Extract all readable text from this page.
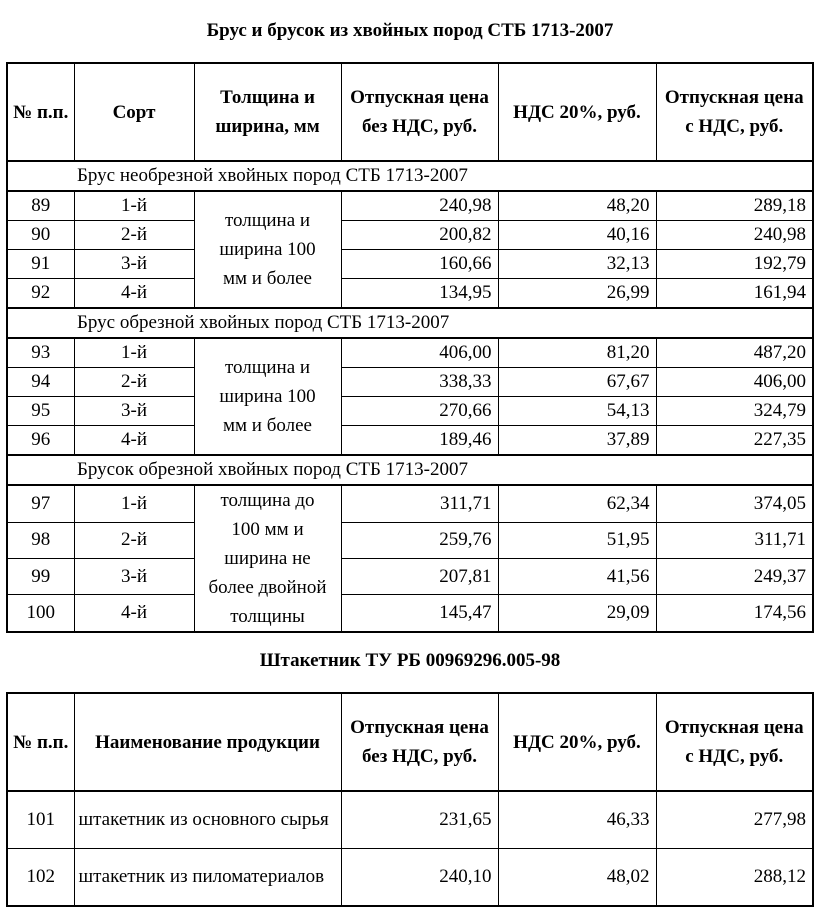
Брус и брусок из хвойных пород СТБ 1713-2007
№ п.п.	Сорт	Толщина и ширина, мм	Отпускная цена без НДС, руб.	НДС 20%, руб.	Отпускная цена с НДС, руб.
Брус необрезной хвойных пород СТБ 1713-2007					
89	1-й	толщина и ширина 100 мм и более	240,98	48,20	289,18
90	2-й		200,82	40,16	240,98
91	3-й		160,66	32,13	192,79
92	4-й		134,95	26,99	161,94
Брус обрезной хвойных пород СТБ 1713-2007					
93	1-й	толщина и ширина 100 мм и более	406,00	81,20	487,20
94	2-й		338,33	67,67	406,00
95	3-й		270,66	54,13	324,79
96	4-й		189,46	37,89	227,35
Брусок обрезной хвойных пород СТБ 1713-2007					
97	1-й	толщина до 100 мм и ширина не более двойной толщины	311,71	62,34	374,05
98	2-й		259,76	51,95	311,71
99	3-й		207,81	41,56	249,37
100	4-й		145,47	29,09	174,56
Штакетник ТУ РБ 00969296.005-98
№ п.п.	Наименование продукции	Отпускная цена без НДС, руб.	НДС 20%, руб.	Отпускная цена с НДС, руб.
101	штакетник из основного сырья	231,65	46,33	277,98
102	штакетник из пиломатериалов	240,10	48,02	288,12
